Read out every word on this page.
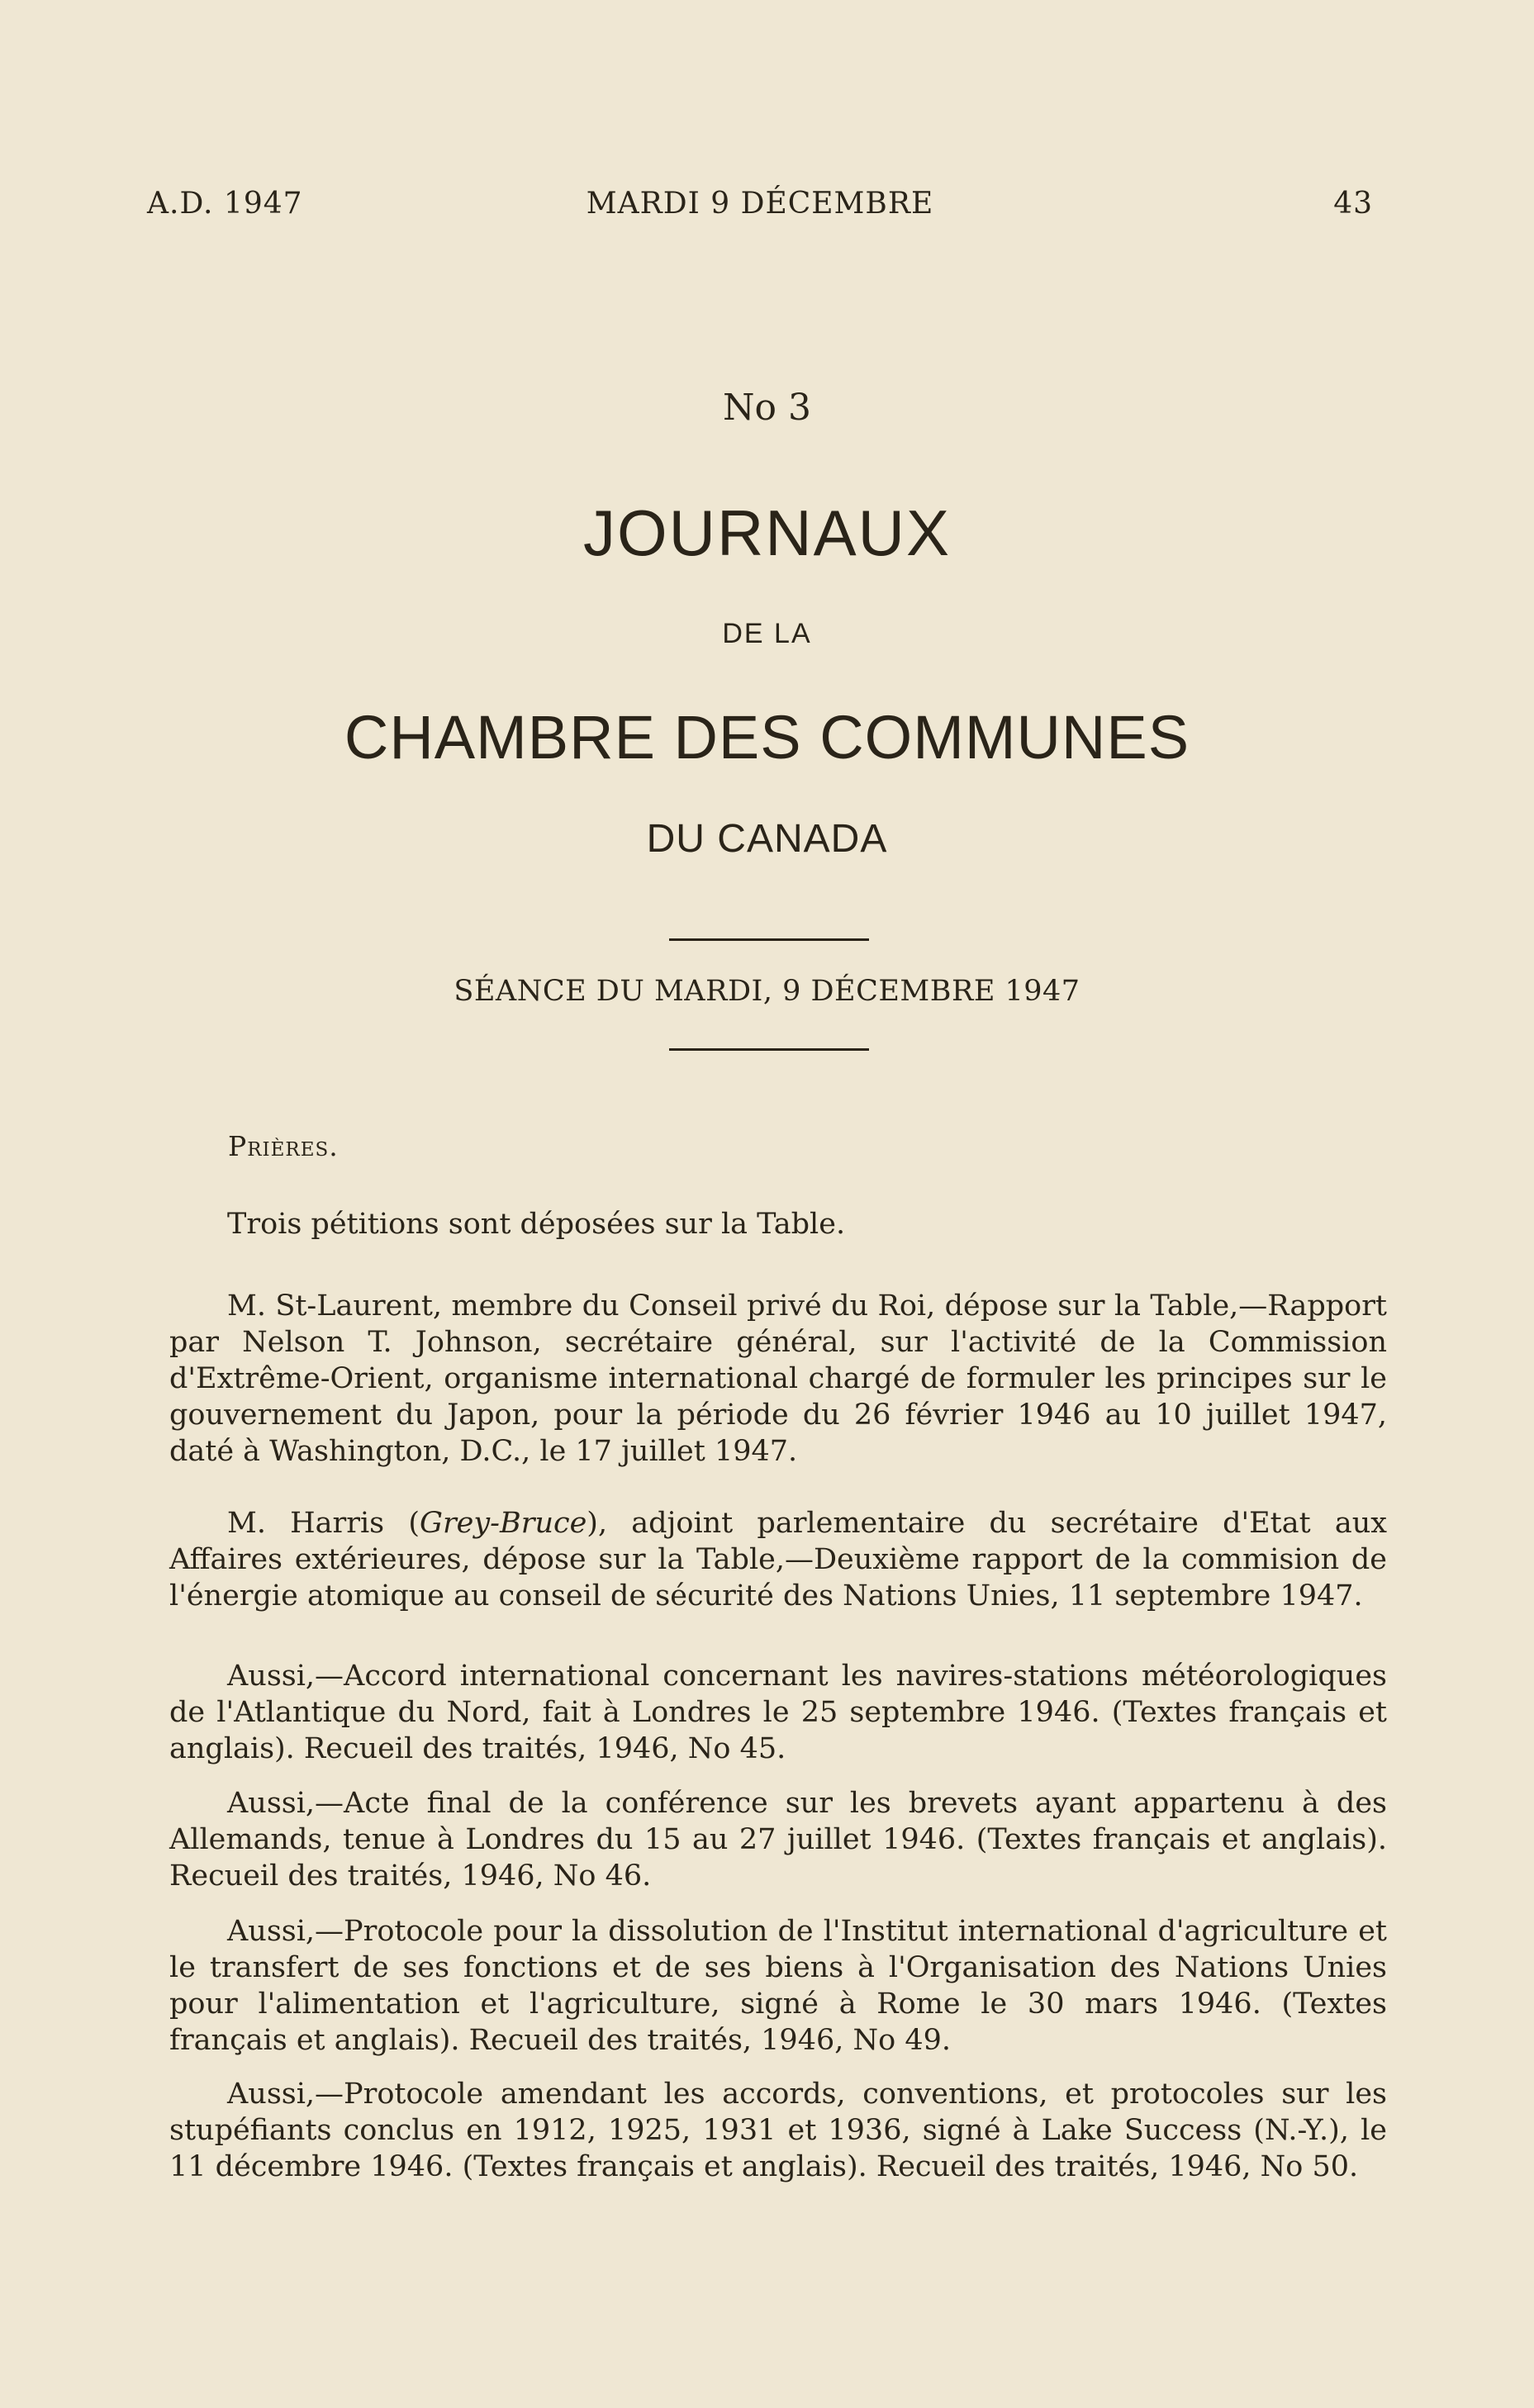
A.D. 1947	MARDI 9 DÉCEMBRE	43
No 3
JOURNAUX
DE LA
CHAMBRE DES COMMUNES
DU CANADA
SÉANCE DU MARDI, 9 DÉCEMBRE 1947
Prières.

Trois pétitions sont déposées sur la Table.

M. St-Laurent, membre du Conseil privé du Roi, dépose sur la Table,—Rapport par Nelson T. Johnson, secrétaire général, sur l'activité de la Commission d'Extrême-Orient, organisme international chargé de formuler les principes sur le gouvernement du Japon, pour la période du 26 février 1946 au 10 juillet 1947, daté à Washington, D.C., le 17 juillet 1947.

M. Harris (Grey-Bruce), adjoint parlementaire du secrétaire d'Etat aux Affaires extérieures, dépose sur la Table,—Deuxième rapport de la commision de l'énergie atomique au conseil de sécurité des Nations Unies, 11 septembre 1947.

Aussi,—Accord international concernant les navires-stations météorologiques de l'Atlantique du Nord, fait à Londres le 25 septembre 1946. (Textes français et anglais). Recueil des traités, 1946, No 45.

Aussi,—Acte final de la conférence sur les brevets ayant appartenu à des Allemands, tenue à Londres du 15 au 27 juillet 1946. (Textes français et anglais). Recueil des traités, 1946, No 46.

Aussi,—Protocole pour la dissolution de l'Institut international d'agriculture et le transfert de ses fonctions et de ses biens à l'Organisation des Nations Unies pour l'alimentation et l'agriculture, signé à Rome le 30 mars 1946. (Textes français et anglais). Recueil des traités, 1946, No 49.

Aussi,—Protocole amendant les accords, conventions, et protocoles sur les stupéfiants conclus en 1912, 1925, 1931 et 1936, signé à Lake Success (N.-Y.), le 11 décembre 1946. (Textes français et anglais). Recueil des traités, 1946, No 50.
